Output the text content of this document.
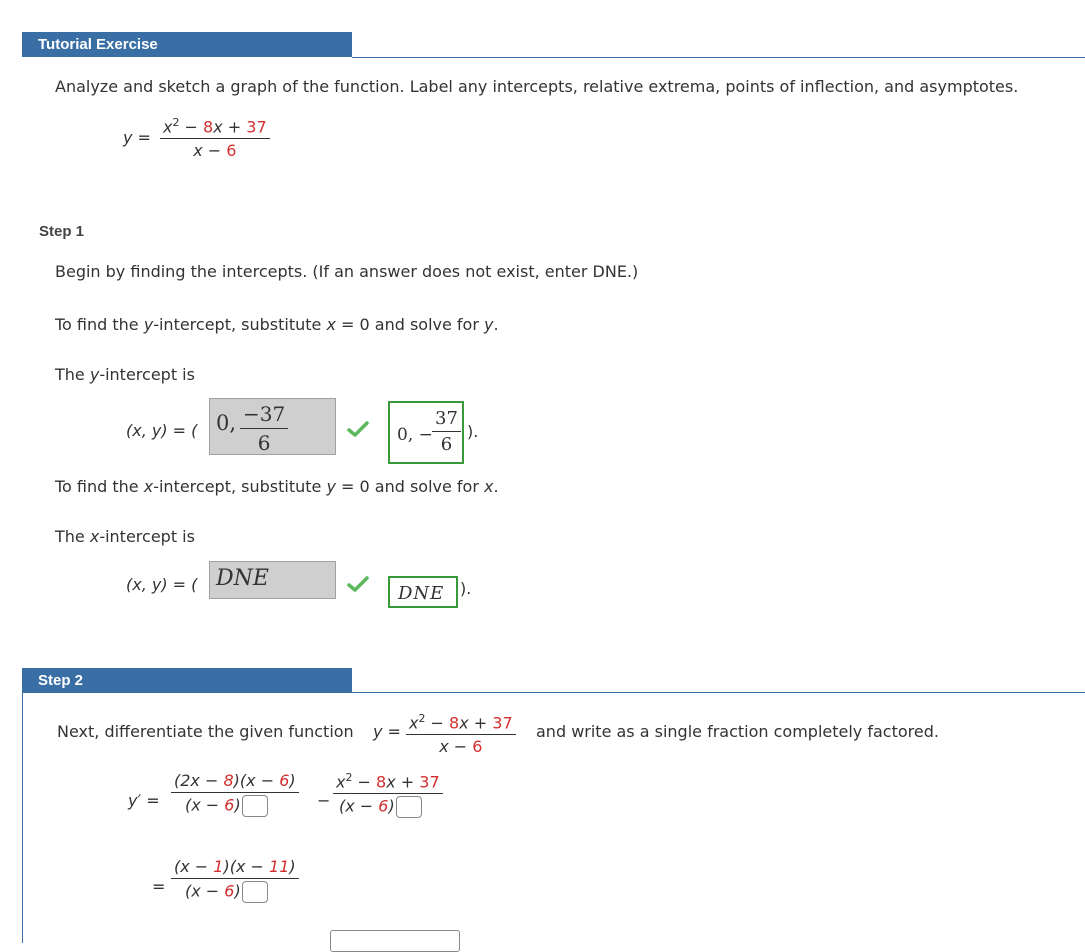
Tutorial Exercise
Analyze and sketch a graph of the function. Label any intercepts, relative extrema, points of inflection, and asymptotes.
$y = \frac{x^2 - 8x + 37}{x - 6}$
Step 1
Begin by finding the intercepts. (If an answer does not exist, enter DNE.)
To find the y-intercept, substitute x = 0 and solve for y.
The y-intercept is
(x, y) = ( 0, $\frac{-37}{6}$	0, − $\frac{37}{6}$ ).
To find the x-intercept, substitute y = 0 and solve for x.
The x-intercept is
(x, y) = ( DNE
DNE ).
Step 2
Next, differentiate the given function $y = \frac{x^2 - 8x + 37}{x - 6}$ and write as a single fraction completely factored.
$y' = \frac{(2x - 8)(x - 6)}{(x - 6)} - \frac{x^2 - 8x + 37}{(x - 6)}$
= $\frac{(x - 1)(x - 11)}{(x - 6)}$
